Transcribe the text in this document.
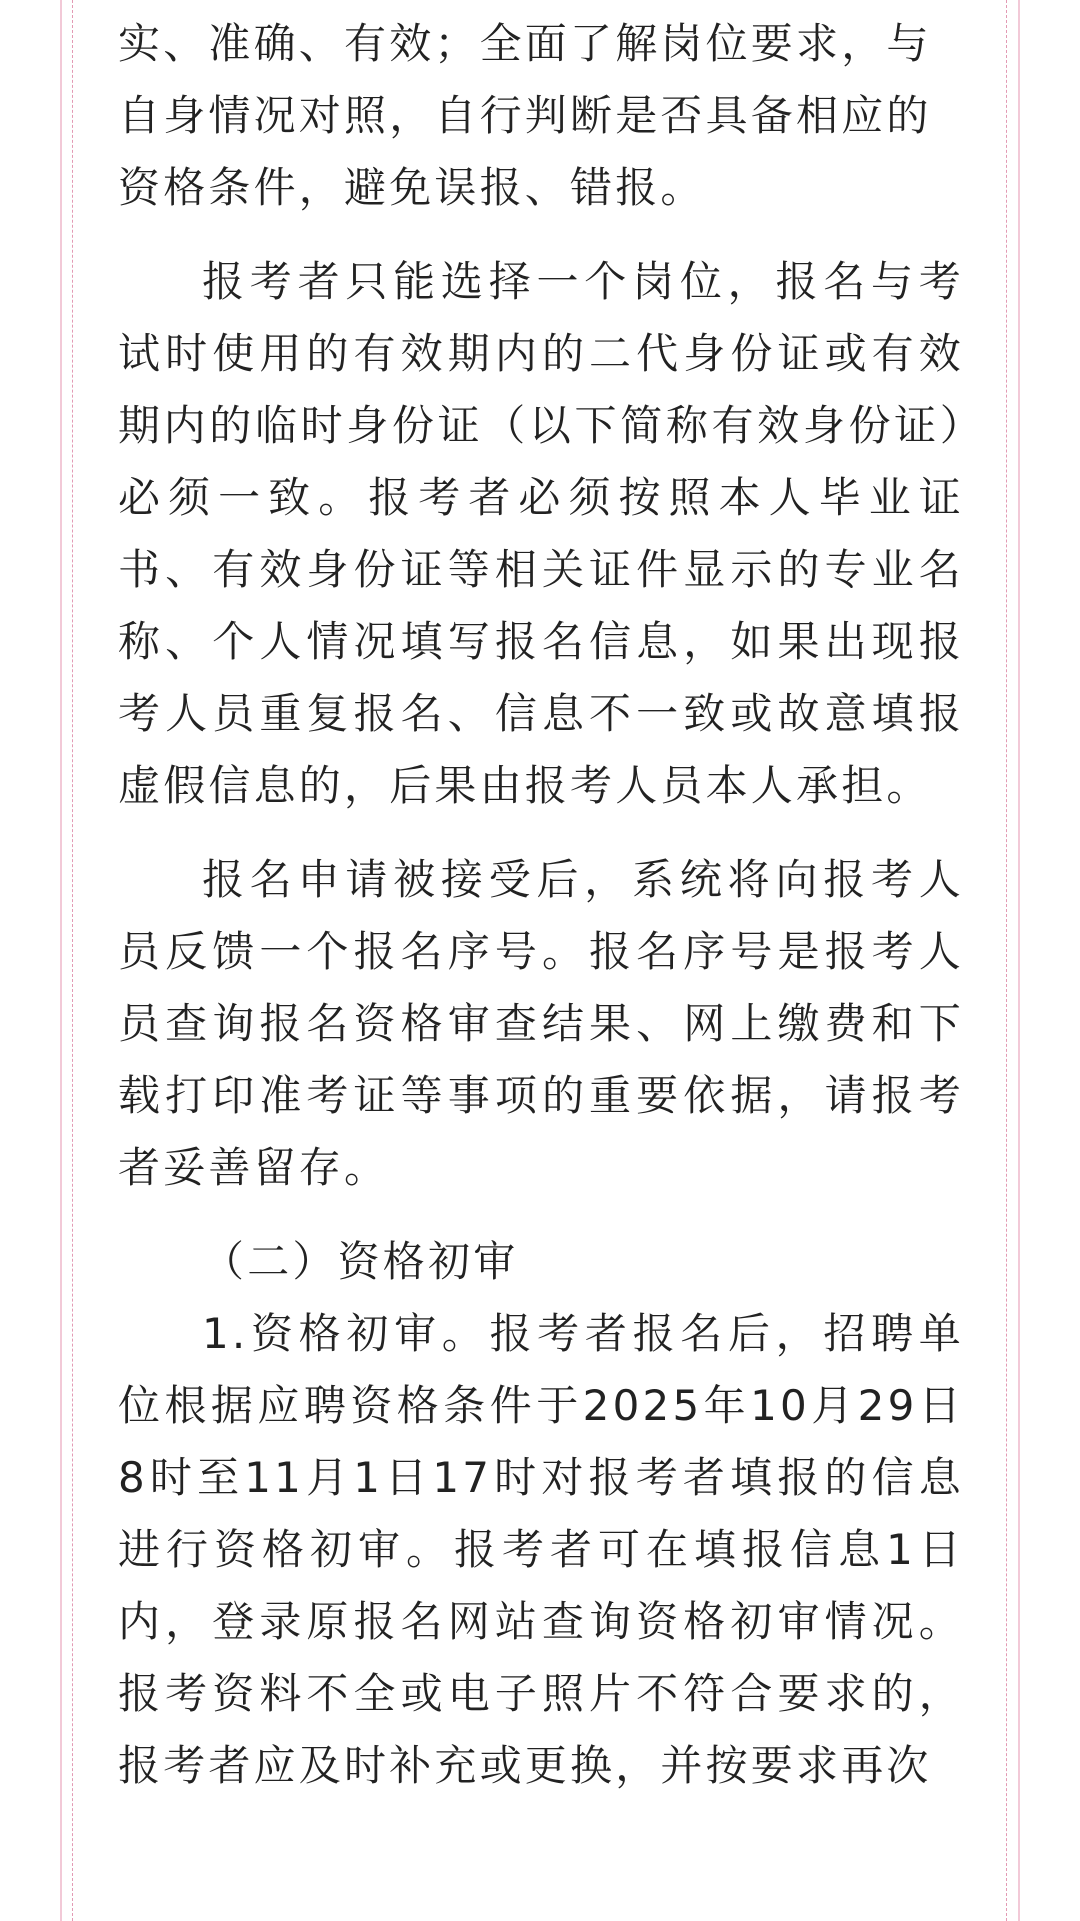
实、准确、有效；全面了解岗位要求，与
自身情况对照，自行判断是否具备相应的
资格条件，避免误报、错报。

报考者只能选择一个岗位，报名与考试时使用的有效期内的二代身份证或有效期内的临时身份证（以下简称有效身份证）必须一致。报考者必须按照本人毕业证书、有效身份证等相关证件显示的专业名称、个人情况填写报名信息，如果出现报考人员重复报名、信息不一致或故意填报虚假信息的，后果由报考人员本人承担。

报名申请被接受后，系统将向报考人员反馈一个报名序号。报名序号是报考人员查询报名资格审查结果、网上缴费和下载打印准考证等事项的重要依据，请报考者妥善留存。

（二）资格初审

1.资格初审。报考者报名后，招聘单位根据应聘资格条件于2025年10月29日8时至11月1日17时对报考者填报的信息进行资格初审。报考者可在填报信息1日内，登录原报名网站查询资格初审情况。报考资料不全或电子照片不符合要求的，报考者应及时补充或更换，并按要求再次
